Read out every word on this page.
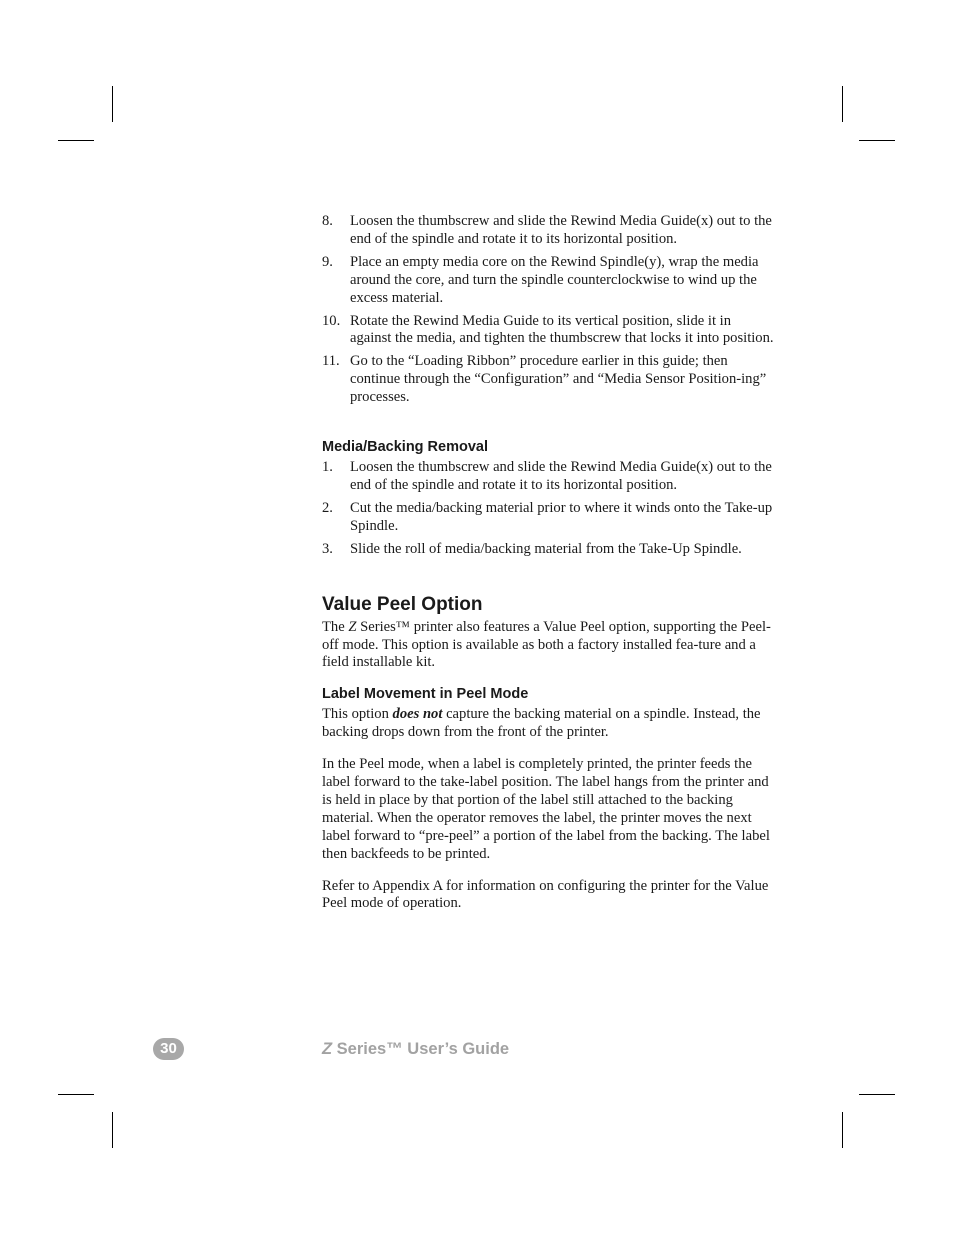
8. Loosen the thumbscrew and slide the Rewind Media Guide(x) out to the end of the spindle and rotate it to its horizontal position.
9. Place an empty media core on the Rewind Spindle(y), wrap the media around the core, and turn the spindle counterclockwise to wind up the excess material.
10. Rotate the Rewind Media Guide to its vertical position, slide it in against the media, and tighten the thumbscrew that locks it into position.
11. Go to the “Loading Ribbon” procedure earlier in this guide; then continue through the “Configuration” and “Media Sensor Position-ing” processes.
Media/Backing Removal
1. Loosen the thumbscrew and slide the Rewind Media Guide(x) out to the end of the spindle and rotate it to its horizontal position.
2. Cut the media/backing material prior to where it winds onto the Take-up Spindle.
3. Slide the roll of media/backing material from the Take-Up Spindle.
Value Peel Option

The Z Series™ printer also features a Value Peel option, supporting the Peel-off mode. This option is available as both a factory installed fea-ture and a field installable kit.

Label Movement in Peel Mode

This option does not capture the backing material on a spindle. Instead, the backing drops down from the front of the printer.

In the Peel mode, when a label is completely printed, the printer feeds the label forward to the take-label position. The label hangs from the printer and is held in place by that portion of the label still attached to the backing material. When the operator removes the label, the printer moves the next label forward to “pre-peel” a portion of the label from the backing. The label then backfeeds to be printed.

Refer to Appendix A for information on configuring the printer for the Value Peel mode of operation.

30	Z Series™ User’s Guide
